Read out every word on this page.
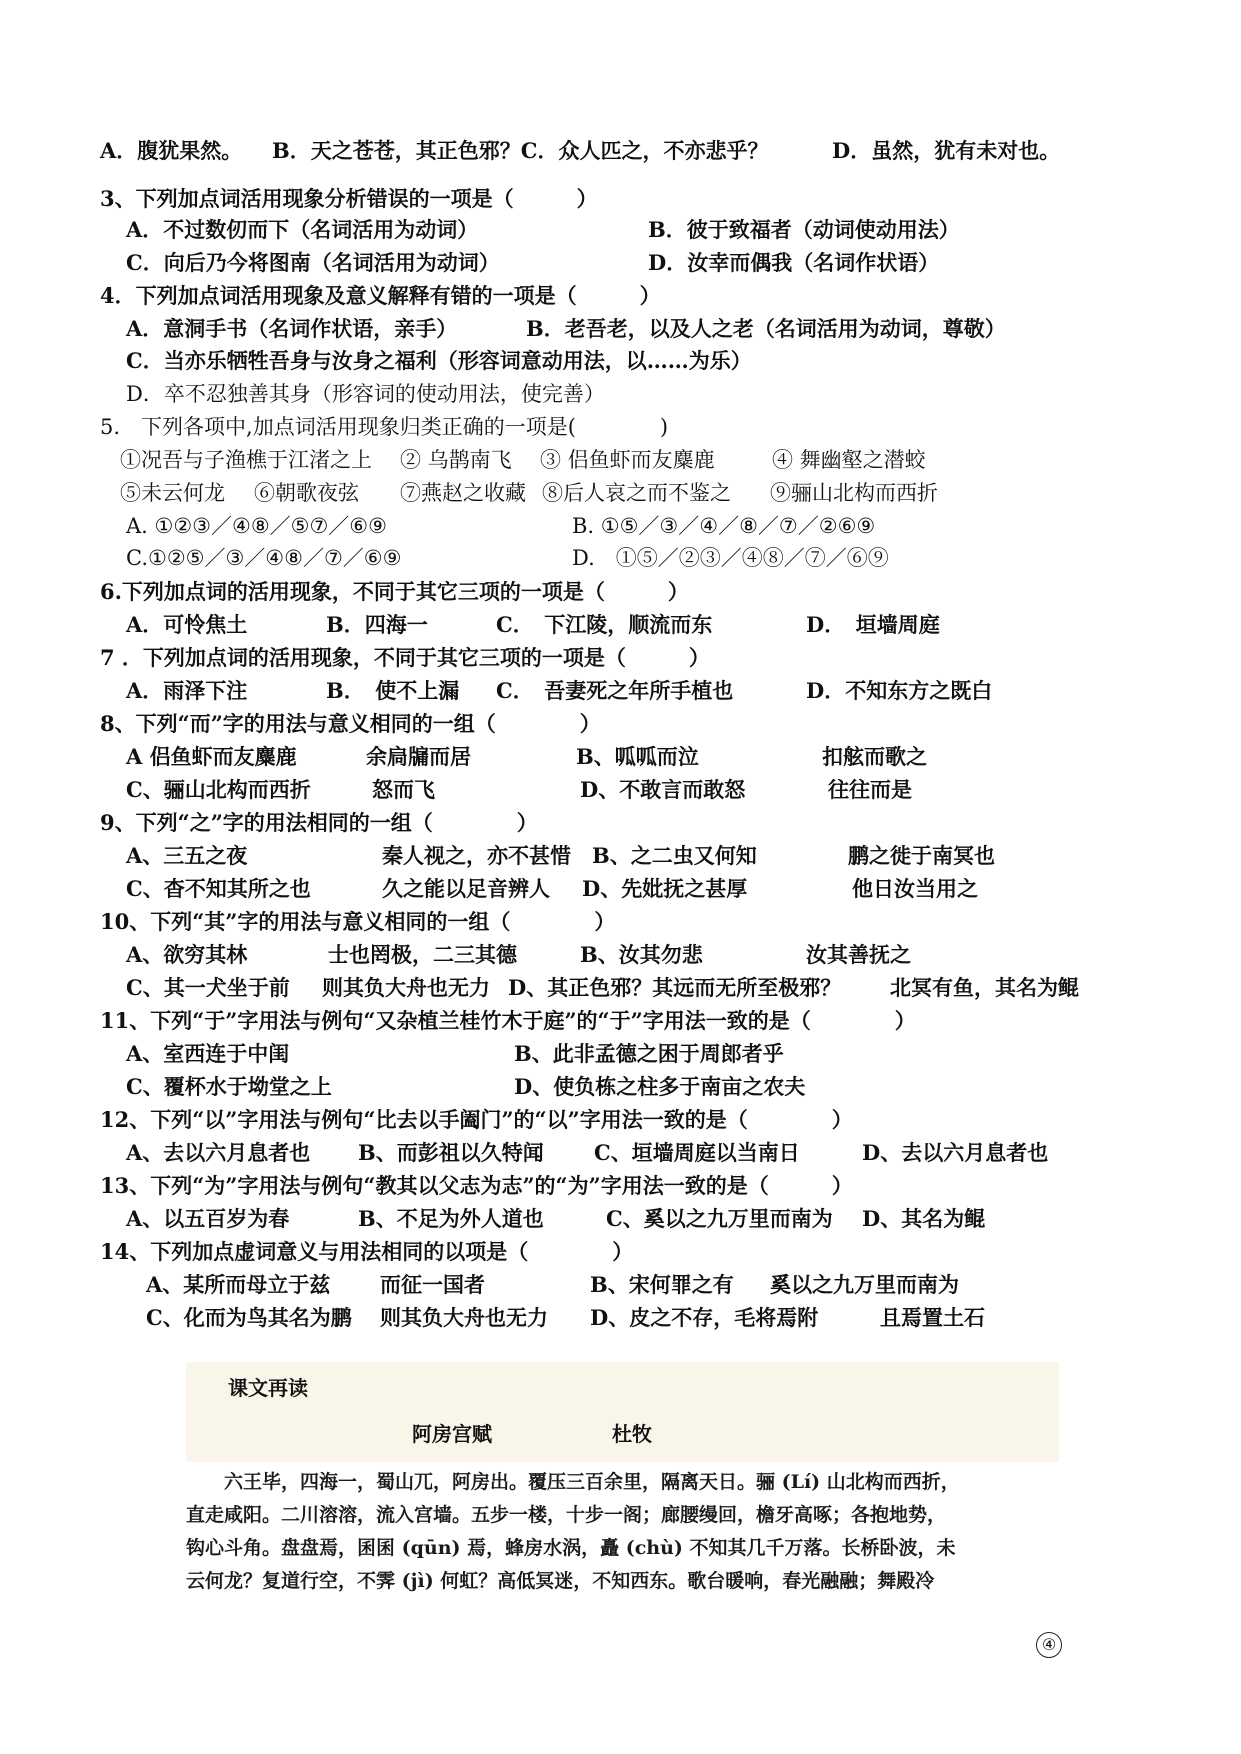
A．腹犹果然。 B．天之苍苍，其正色邪？C．众人匹之，不亦悲乎？	D．虽然，犹有未对也。
3、下列加点词活用现象分析错误的一项是（　　　）
A．不过数仞而下（名词活用为动词）	B．彼于致福者（动词使动用法）
C．向后乃今将图南（名词活用为动词）	D．汝幸而偶我（名词作状语）
4．下列加点词活用现象及意义解释有错的一项是（　　　）
A．意洞手书（名词作状语，亲手）	B．老吾老，以及人之老（名词活用为动词，尊敬）
C．当亦乐牺牲吾身与汝身之福利（形容词意动用法，以……为乐）
D．卒不忍独善其身（形容词的使动用法，使完善）
5.　下列各项中,加点词活用现象归类正确的一项是(　　　　)
①况吾与子渔樵于江渚之上 ② 乌鹊南飞 ③ 侣鱼虾而友麋鹿	④ 舞幽壑之潜蛟
⑤未云何龙 ⑥朝歌夜弦 ⑦燕赵之收藏 ⑧后人哀之而不鉴之 ⑨骊山北构而西折
A. ①②③／④⑧／⑤⑦／⑥⑨	B. ①⑤／③／④／⑧／⑦／②⑥⑨
C.①②⑤／③／④⑧／⑦／⑥⑨	D.　①⑤／②③／④⑧／⑦／⑥⑨
6.下列加点词的活用现象，不同于其它三项的一项是（　　　）
A．可怜焦土	B．四海一	C．　下江陵，顺流而东	D．　垣墙周庭
7 ．下列加点词的活用现象，不同于其它三项的一项是（　　　）
A．雨泽下注	B．　使不上漏 C．　吾妻死之年所手植也	D．不知东方之既白
8、下列“而”字的用法与意义相同的一组（　　　　）
A 侣鱼虾而友麋鹿	余扃牖而居	B、呱呱而泣	扣舷而歌之
C、骊山北构而西折	怒而飞	D、不敢言而敢怒	往往而是
9、下列“之”字的用法相同的一组（　　　　）
A、三五之夜	秦人视之，亦不甚惜 B、之二虫又何知	鹏之徙于南冥也
C、杳不知其所之也	久之能以足音辨人 D、先妣抚之甚厚	他日汝当用之
10、下列“其”字的用法与意义相同的一组（　　　　）
A、欲穷其林	士也罔极，二三其德	B、汝其勿悲	汝其善抚之
C、其一犬坐于前 则其负大舟也无力 D、其正色邪？其远而无所至极邪？ 北冥有鱼，其名为鲲
11、下列“于”字用法与例句“又杂植兰桂竹木于庭”的“于”字用法一致的是（　　　　）
A、室西连于中闺	B、此非孟德之困于周郎者乎
C、覆杯水于坳堂之上	D、使负栋之柱多于南亩之农夫
12、下列“以”字用法与例句“比去以手阖门”的“以”字用法一致的是（　　　　）
A、去以六月息者也 B、而彭祖以久特闻 C、垣墙周庭以当南日	D、去以六月息者也
13、下列“为”字用法与例句“教其以父志为志”的“为”字用法一致的是（　　　）
A、以五百岁为春	B、不足为外人道也	C、奚以之九万里而南为 D、其名为鲲
14、下列加点虚词意义与用法相同的以项是（　　　　）
A、某所而母立于兹 而征一国者	B、宋何罪之有 奚以之九万里而南为
C、化而为鸟其名为鹏 则其负大舟也无力 D、皮之不存，毛将焉附	且焉置土石
课文再读
阿房宫赋	杜牧
　　六王毕，四海一，蜀山兀，阿房出。覆压三百余里，隔离天日。骊 (Lí) 山北构而西折，
直走咸阳。二川溶溶，流入宫墙。五步一楼，十步一阁；廊腰缦回，檐牙高啄；各抱地势，
钩心斗角。盘盘焉，囷囷 (qūn) 焉，蜂房水涡，矗 (chù) 不知其几千万落。长桥卧波，未
云何龙？复道行空，不霁 (jì) 何虹？高低冥迷，不知西东。歌台暖响，春光融融；舞殿冷
④
